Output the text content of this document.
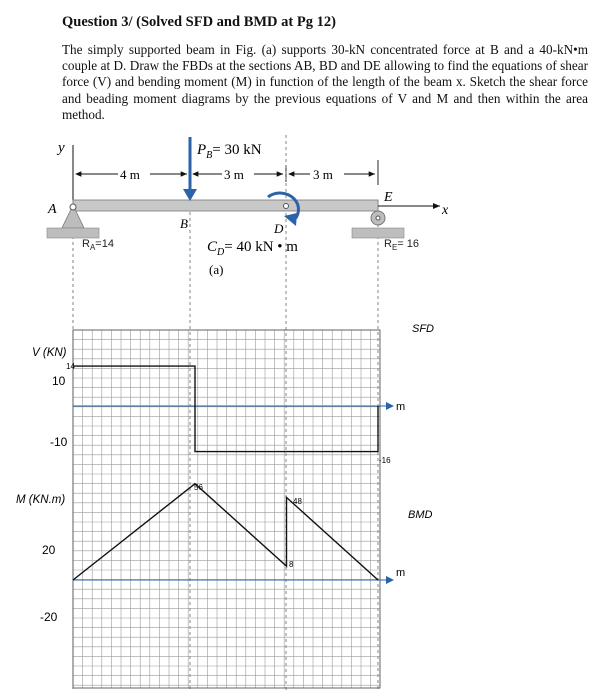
Question 3/ (Solved SFD and BMD at Pg 12)
The simply supported beam in Fig. (a) supports 30-kN concentrated force at B and a 40-kN•m couple at D. Draw the FBDs at the sections AB, BD and DE allowing to find the equations of shear force (V) and bending moment (M) in function of the length of the beam x. Sketch the shear force and beading moment diagrams by the previous equations of V and M and then within the area method.
y
4 m	3 m	3 m
x
A
E
$P_B= 30$ kN
B	D
$C_D= 40$ kN • m
(a)
$R_A=14$	$R_E= 16$
V (KN)
10
-10
SFD
m
14
-16
M (KN.m)
20
-20
BMD
m
56
48
8
